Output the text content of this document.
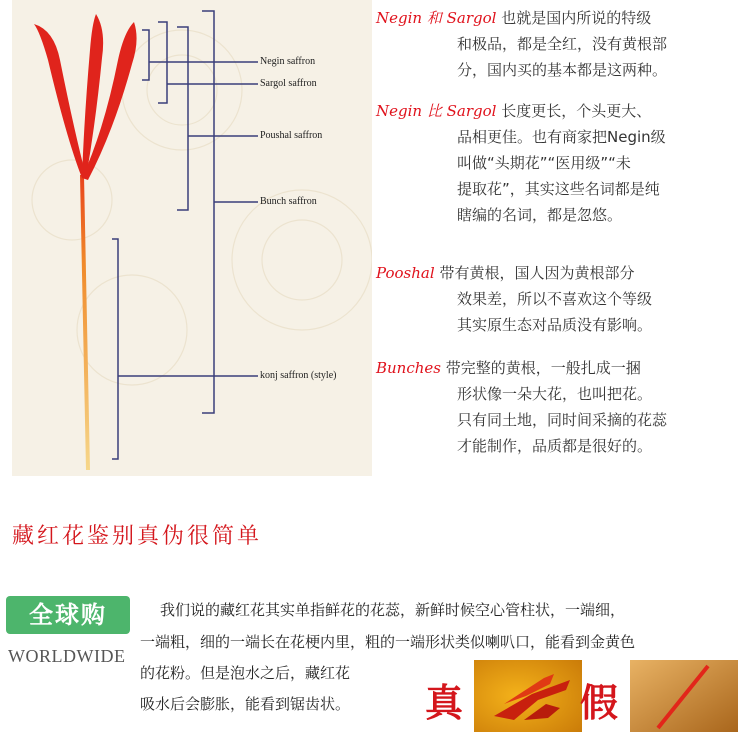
Negin saffron
Sargol saffron
Poushal saffron
Bunch saffron
konj saffron (style)
Negin 和 Sargol 也就是国内所说的特级
和极品，都是全红，没有黄根部
分，国内买的基本都是这两种。
Negin 比 Sargol 长度更长，个头更大、
品相更佳。也有商家把Negin级
叫做“头期花”“医用级”“未
提取花”，其实这些名词都是纯
瞎编的名词，都是忽悠。
Pooshal 带有黄根，国人因为黄根部分
效果差，所以不喜欢这个等级
其实原生态对品质没有影响。
Bunches 带完整的黄根，一般扎成一捆
形状像一朵大花，也叫把花。
只有同土地，同时间采摘的花蕊
才能制作，品质都是很好的。
藏红花鉴别真伪很简单
全球购
WORLDWIDE
我们说的藏红花其实单指鲜花的花蕊，新鲜时候空心管柱状，一端细，
一端粗，细的一端长在花梗内里，粗的一端形状类似喇叭口，能看到金黄色
的花粉。但是泡水之后，藏红花
吸水后会膨胀，能看到锯齿状。 真	假
